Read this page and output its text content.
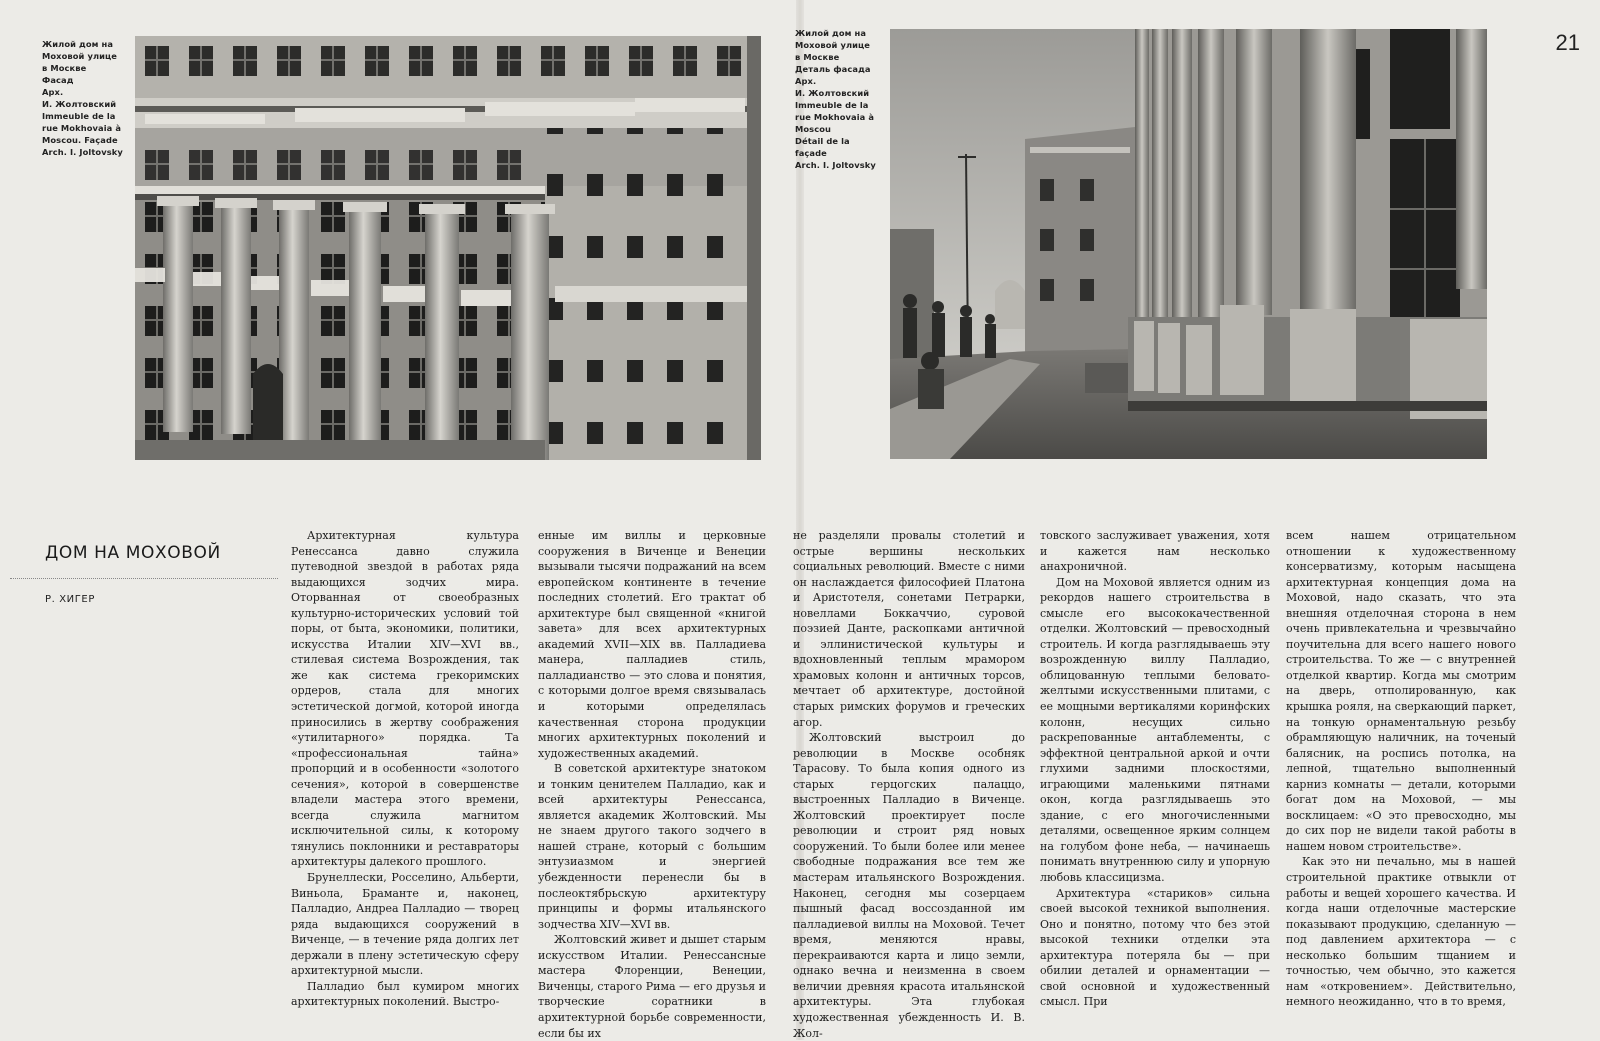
Жилой дом на
Моховой улице
в Москве
Фасад
Арх.
И. Жолтовский
Immeuble de la
rue Mokhovaia à
Moscou. Façade
Arch. I. Joltovsky
ДОМ НА МОХОВОЙ
Р. ХИГЕР

Архитектурная культура Ренессанса давно служила путеводной звездой в работах ряда выдающихся зодчих мира. Оторванная от своеобразных культурно-исторических условий той поры, от быта, экономики, политики, искусства Италии XIV—XVI вв., стилевая система Возрождения, так же как система грекоримских ордеров, стала для многих эстетической догмой, которой иногда приносились в жертву соображения «утилитарного» порядка. Та «профессиональная тайна» пропорций и в особенности «золотого сечения», которой в совершенстве владели мастера этого времени, всегда служила магнитом исключительной силы, к которому тянулись поклонники и реставраторы архитектуры далекого прошлого.

Брунеллески, Росселино, Альберти, Виньола, Браманте и, наконец, Палладио, Андреа Палладио — творец ряда выдающихся сооружений в Виченце, — в течение ряда долгих лет держали в плену эстетическую сферу архитектурной мысли.

Палладио был кумиром многих архитектурных поколений. Выстро-

енные им виллы и церковные сооружения в Виченце и Венеции вызывали тысячи подражаний на всем европейском континенте в течение последних столетий. Его трактат об архитектуре был священной «книгой завета» для всех архитектурных академий XVII—XIX вв. Палладиева манера, палладиев стиль, палладианство — это слова и понятия, с которыми долгое время связывалась и которыми определялась качественная сторона продукции многих архитектурных поколений и художественных академий.

В советской архитектуре знатоком и тонким ценителем Палладио, как и всей архитектуры Ренессанса, является академик Жолтовский. Мы не знаем другого такого зодчего в нашей стране, который с большим энтузиазмом и энергией убежденности перенесли бы в послеоктябрьскую архитектуру принципы и формы итальянского зодчества XIV—XVI вв.

Жолтовский живет и дышет старым искусством Италии. Ренессансные мастера Флоренции, Венеции, Виченцы, старого Рима — его друзья и творческие соратники в архитектурной борьбе современности, если бы их

Жилой дом на
Моховой улице
в Москве
Деталь фасада
Арх.
И. Жолтовский
Immeuble de la
rue Mokhovaia à
Moscou
Détail de la façade
Arch. I. Joltovsky
21

не разделяли провалы столетий и острые вершины нескольких социальных революций. Вместе с ними он наслаждается философией Платона и Аристотеля, сонетами Петрарки, новеллами Боккаччио, суровой поэзией Данте, раскопками античной и эллинистической культуры и вдохновленный теплым мрамором храмовых колонн и античных торсов, мечтает об архитектуре, достойной старых римских форумов и греческих агор.

Жолтовский выстроил до революции в Москве особняк Тарасову. То была копия одного из старых герцогских палаццо, выстроенных Палладио в Виченце. Жолтовский проектирует после революции и строит ряд новых сооружений. То были более или менее свободные подражания все тем же мастерам итальянского Возрождения. Наконец, сегодня мы созерцаем пышный фасад воссозданной им палладиевой виллы на Моховой. Течет время, меняются нравы, перекраиваются карта и лицо земли, однако вечна и неизменна в своем величии древняя красота итальянской архитектуры. Эта глубокая художественная убежденность И. В. Жол-

товского заслуживает уважения, хотя и кажется нам несколько анахроничной.

Дом на Моховой является одним из рекордов нашего строительства в смысле его высококачественной отделки. Жолтовский — превосходный строитель. И когда разглядываешь эту возрожденную виллу Палладио, облицованную теплыми беловато-желтыми искусственными плитами, с ее мощными вертикалями коринфских колонн, несущих сильно раскрепованные антаблементы, с эффектной центральной аркой и очти глухими задними плоскостями, играющими маленькими пятнами окон, когда разглядываешь это здание, с его многочисленными деталями, освещенное ярким солнцем на голубом фоне неба, — начинаешь понимать внутреннюю силу и упорную любовь классицизма.

Архитектура «стариков» сильна своей высокой техникой выполнения. Оно и понятно, потому что без этой высокой техники отделки эта архитектура потеряла бы — при обилии деталей и орнаментации — свой основной и художественный смысл. При

всем нашем отрицательном отношении к художественному консерватизму, которым насыщена архитектурная концепция дома на Моховой, надо сказать, что эта внешняя отделочная сторона в нем очень привлекательна и чрезвычайно поучительна для всего нашего нового строительства. То же — с внутренней отделкой квартир. Когда мы смотрим на дверь, отполированную, как крышка рояля, на сверкающий паркет, на тонкую орнаментальную резьбу обрамляющую наличник, на точеный балясник, на роспись потолка, на лепной, тщательно выполненный карниз комнаты — детали, которыми богат дом на Моховой, — мы восклицаем: «О это превосходно, мы до сих пор не видели такой работы в нашем новом строительстве».

Как это ни печально, мы в нашей строительной практике отвыкли от работы и вещей хорошего качества. И когда наши отделочные мастерские показывают продукцию, сделанную — под давлением архитектора — с несколько большим тщанием и точностью, чем обычно, это кажется нам «откровением». Действительно, немного неожиданно, что в то время,
